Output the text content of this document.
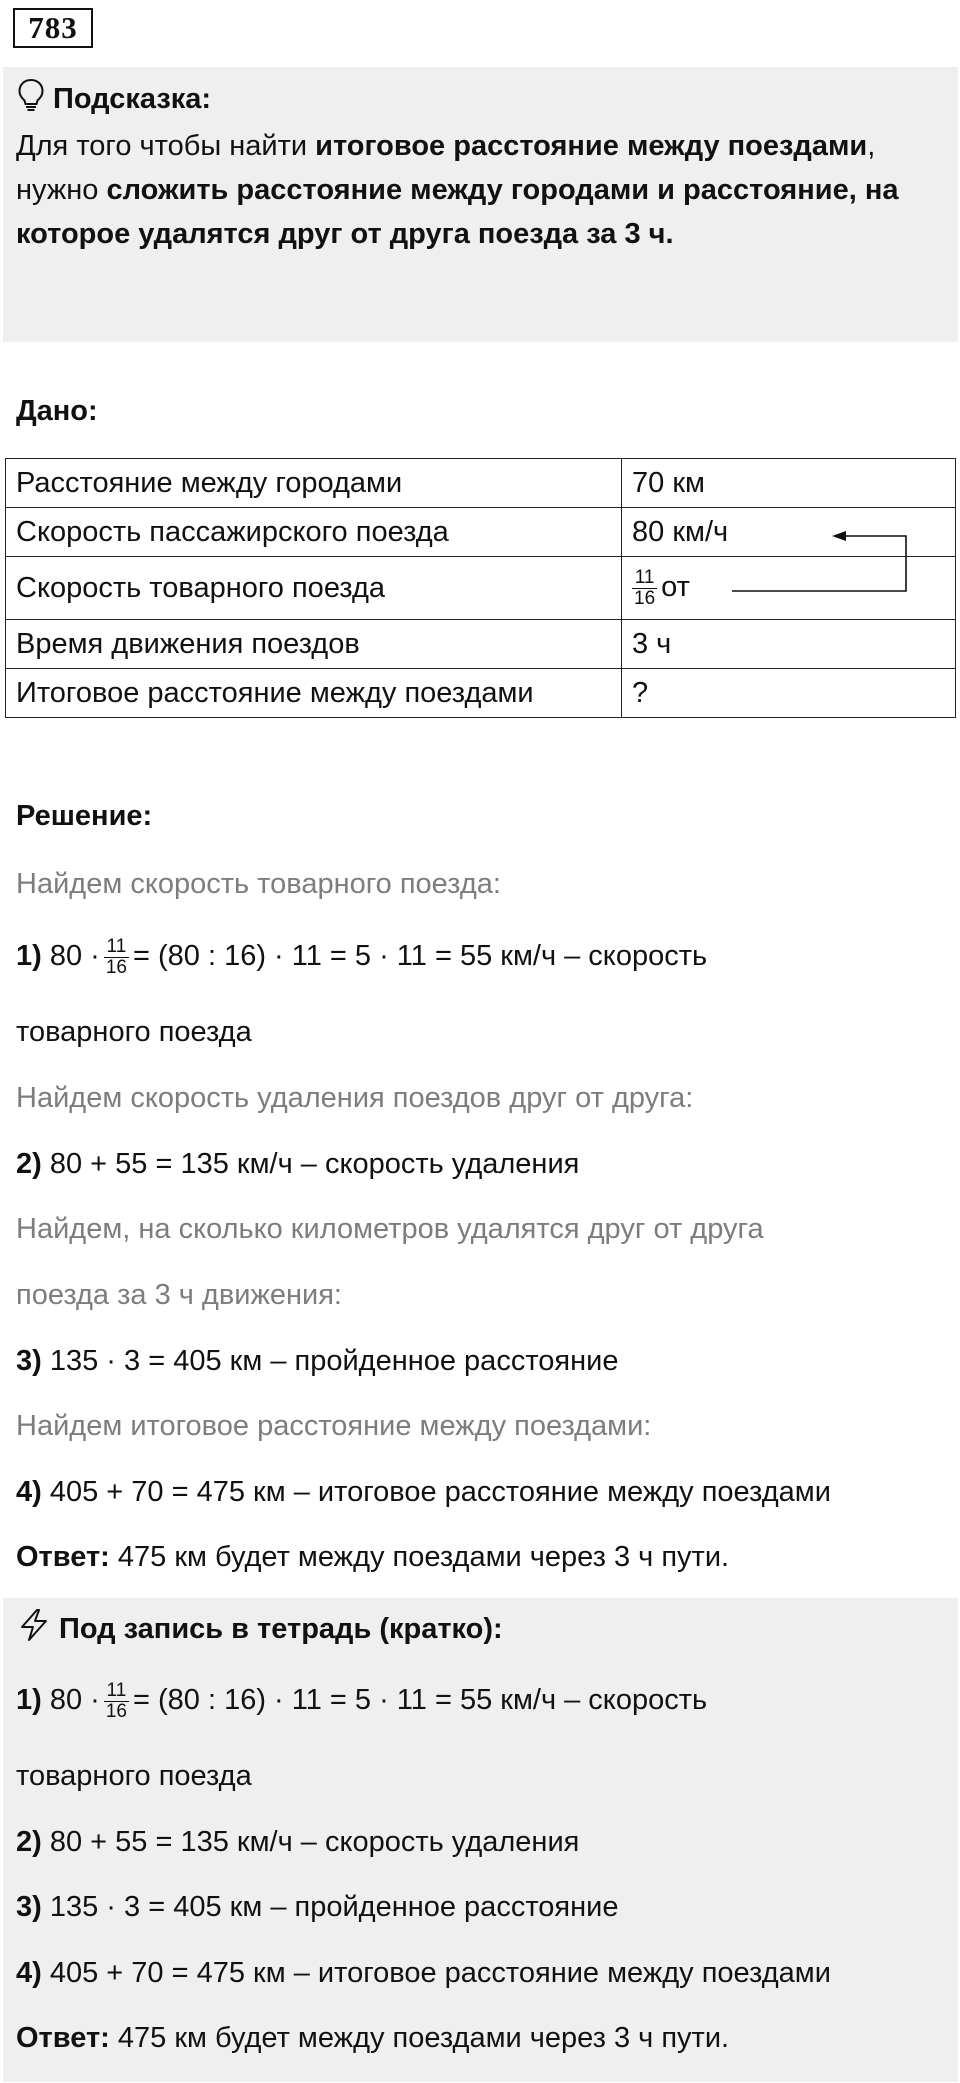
783
Подсказка:
Для того чтобы найти итоговое расстояние между поездами, нужно сложить расстояние между городами и расстояние, на которое удалятся друг от друга поезда за 3 ч.
Дано:
Расстояние между городами	70 км
Скорость пассажирского поезда	80 км/ч
Скорость товарного поезда	$\frac{11}{16}$ от
Время движения поездов	3 ч
Итоговое расстояние между поездами	?
Решение:
Найдем скорость товарного поезда:
1) $80 \cdot \frac{11}{16} = (80$ : 16) · 11 = 5 · 11 = 55 км/ч – скорость
товарного поезда
Найдем скорость удаления поездов друг от друга:
2) 80 + 55 = 135 км/ч – скорость удаления
Найдем, на сколько километров удалятся друг от друга
поезда за 3 ч движения:
3) 135 · 3 = 405 км – пройденное расстояние
Найдем итоговое расстояние между поездами:
4) 405 + 70 = 475 км – итоговое расстояние между поездами
Ответ: 475 км будет между поездами через 3 ч пути.
Под запись в тетрадь (кратко):
1) $80 \cdot \frac{11}{16} = (80$ : 16) · 11 = 5 · 11 = 55 км/ч – скорость
товарного поезда
2) 80 + 55 = 135 км/ч – скорость удаления
3) 135 · 3 = 405 км – пройденное расстояние
4) 405 + 70 = 475 км – итоговое расстояние между поездами
Ответ: 475 км будет между поездами через 3 ч пути.
